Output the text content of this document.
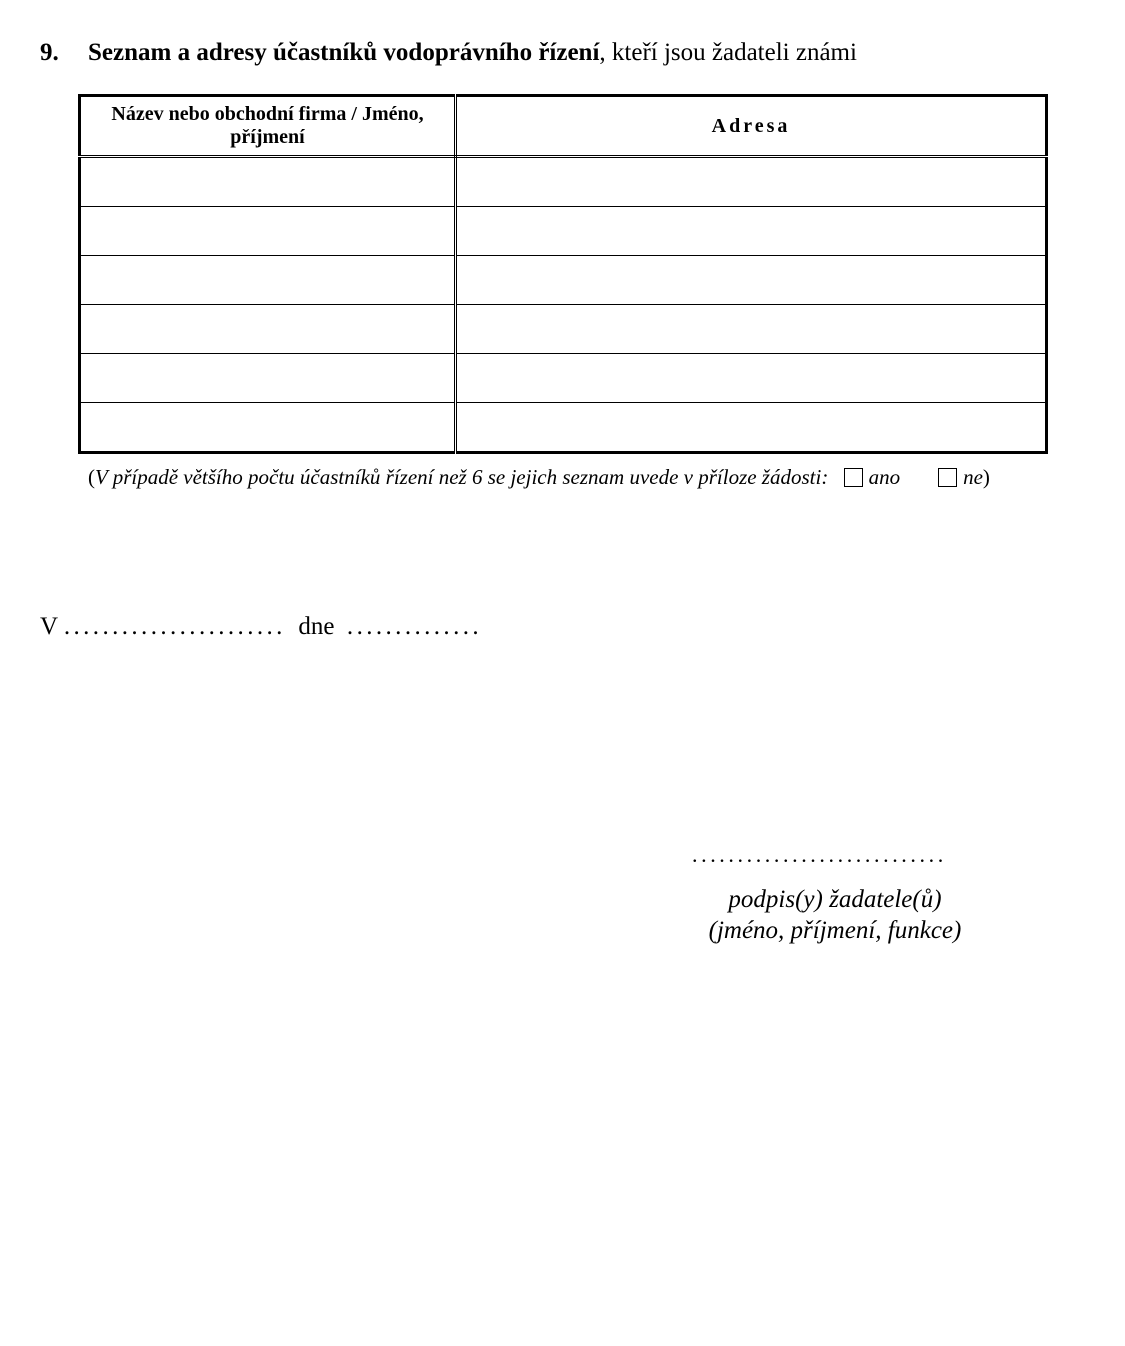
9. Seznam a adresy účastníků vodoprávního řízení, kteří jsou žadateli známi
Název nebo obchodní firma / Jméno, příjmení	Adresa

(V případě většího počtu účastníků řízení než 6 se jejich seznam uvede v příloze žádosti: ano	ne)
V ....................... dne ..............
............................
podpis(y) žadatele(ů)
(jméno, příjmení, funkce)
